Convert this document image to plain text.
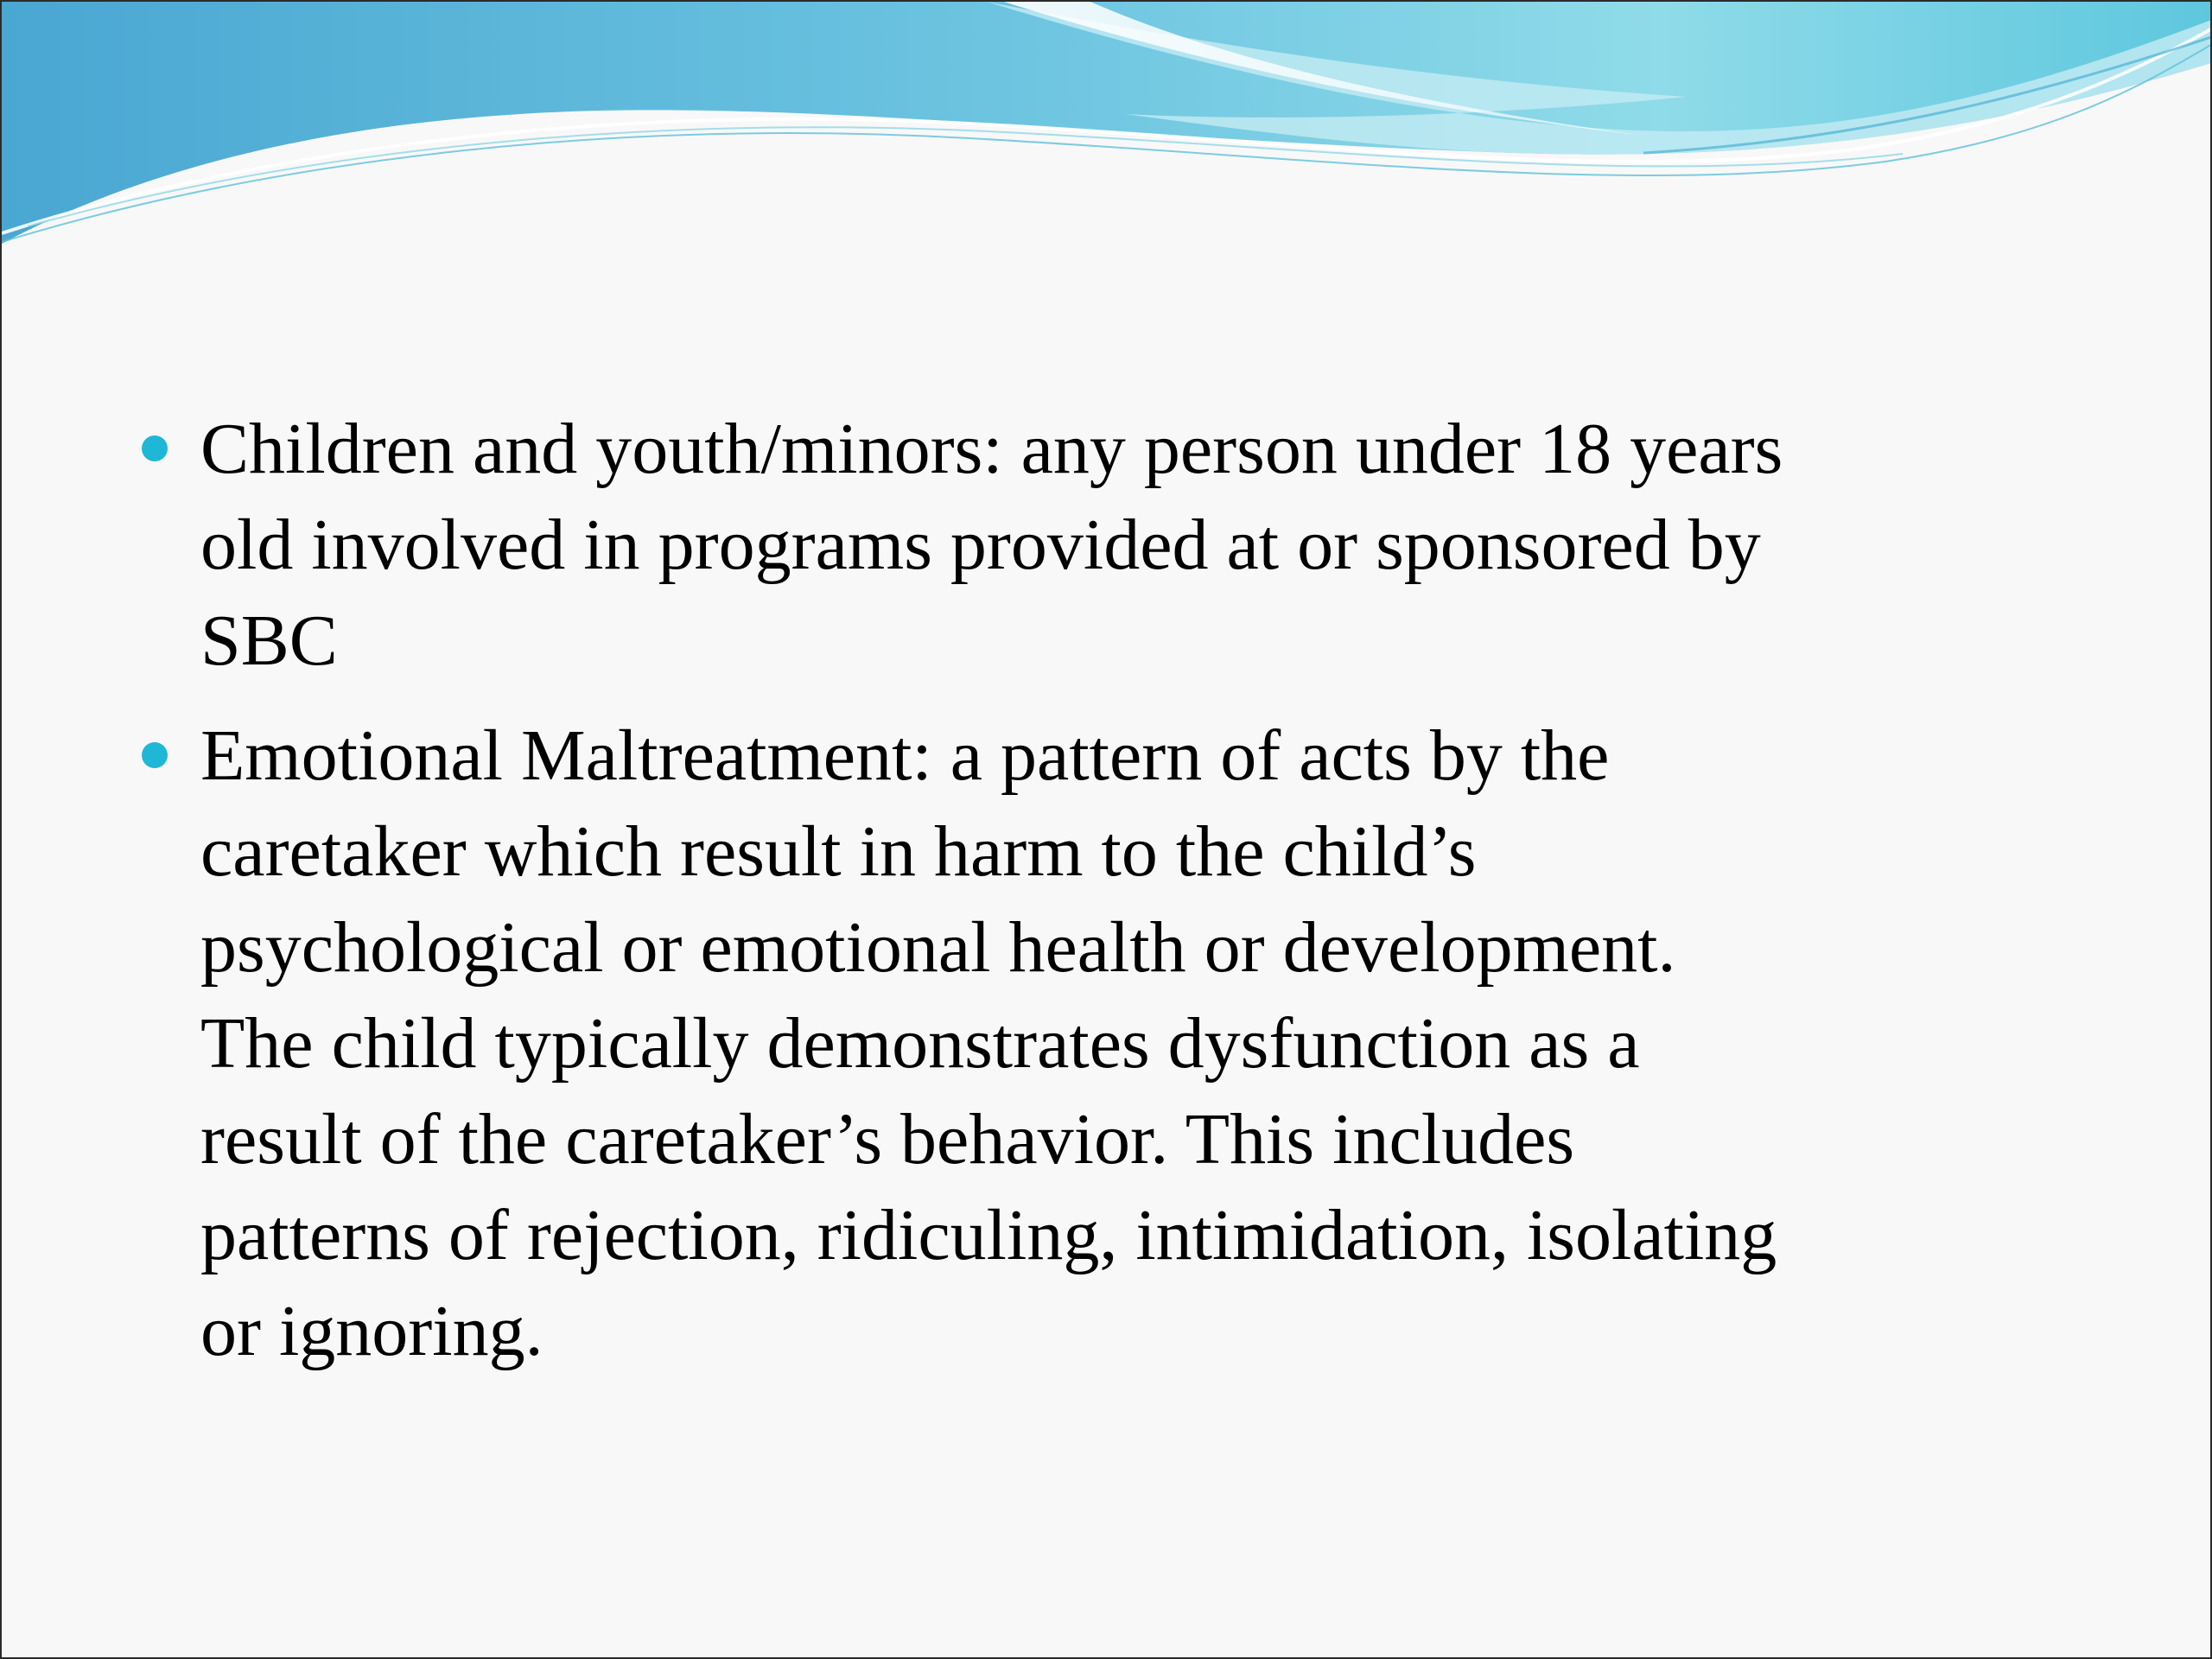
Children and youth/minors: any person under 18 years
old involved in programs provided at or sponsored by
SBC
Emotional Maltreatment: a pattern of acts by the
caretaker which result in harm to the child’s
psychological or emotional health or development.
The child typically demonstrates dysfunction as a
result of the caretaker’s behavior. This includes
patterns of rejection, ridiculing, intimidation, isolating
or ignoring.
